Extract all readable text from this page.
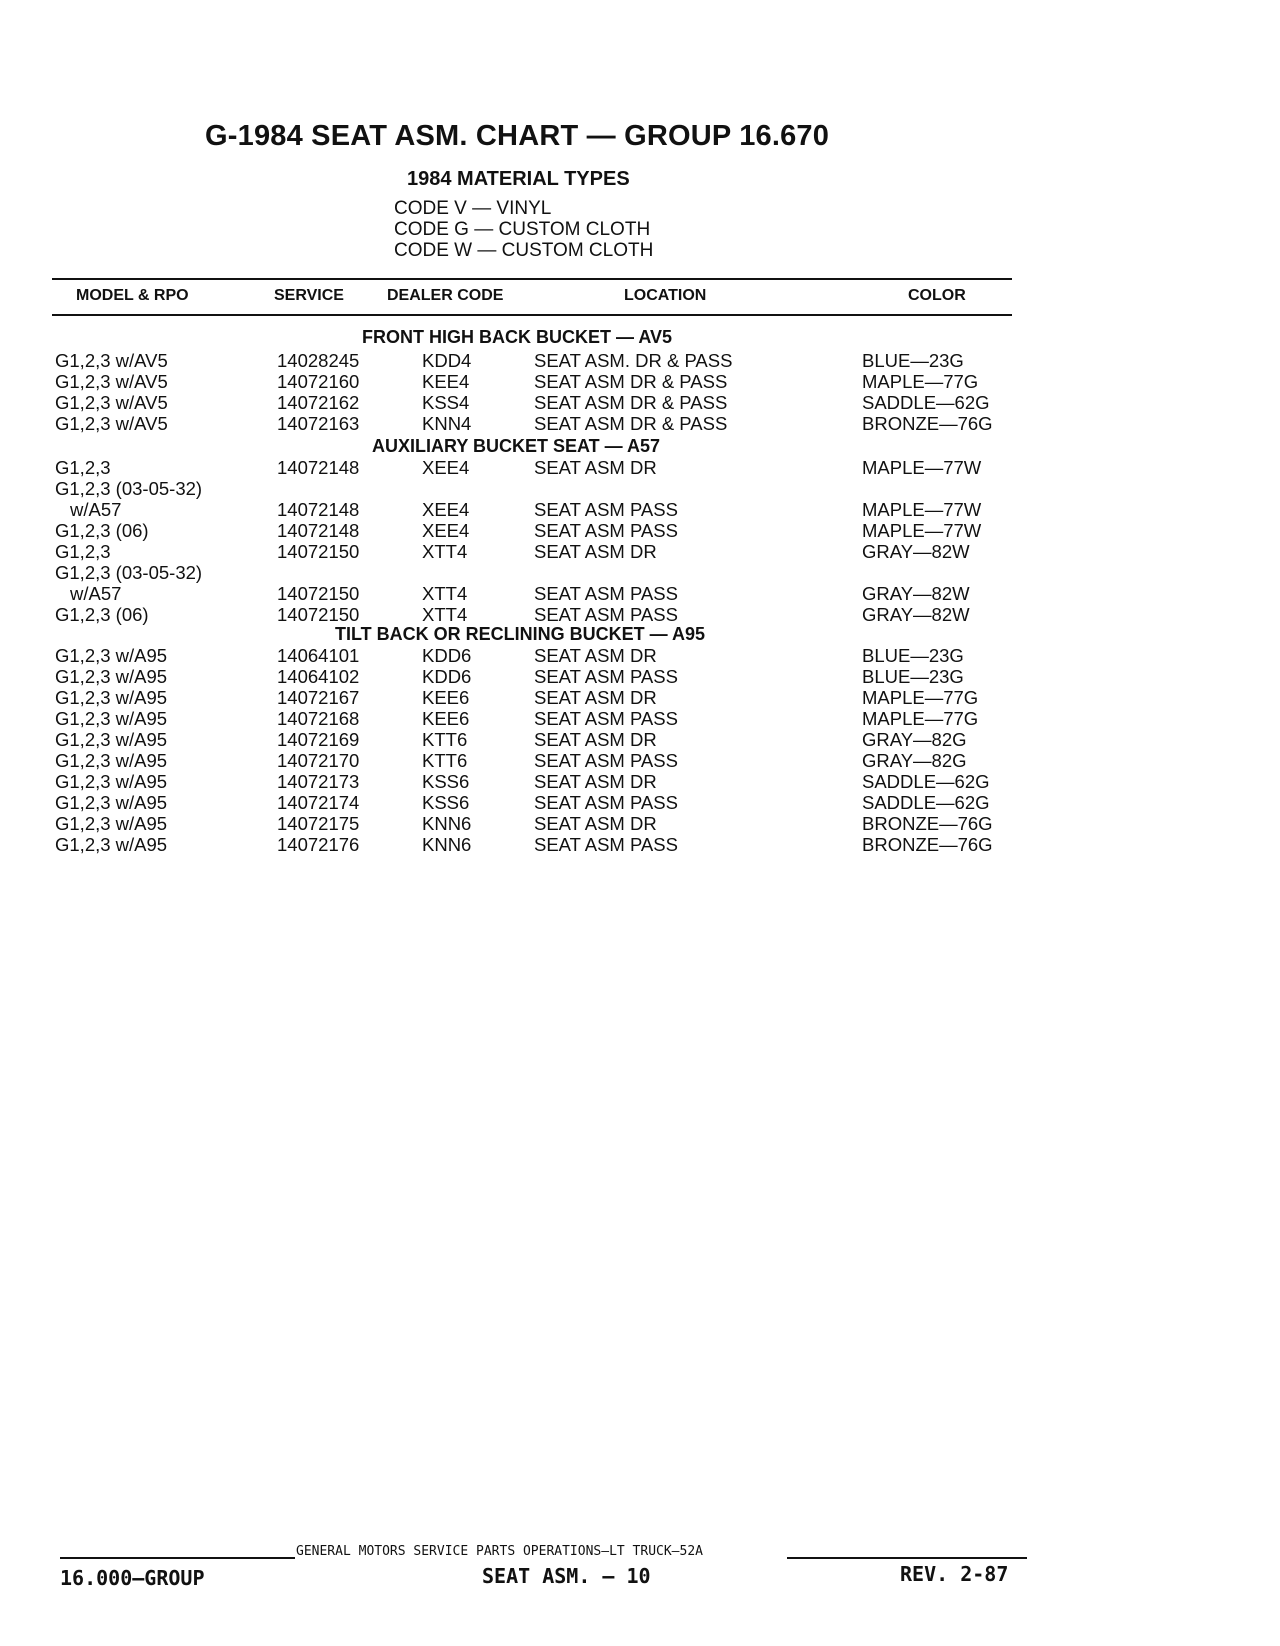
G-1984 SEAT ASM. CHART — GROUP 16.670
1984 MATERIAL TYPES
CODE V — VINYL
CODE G — CUSTOM CLOTH
CODE W — CUSTOM CLOTH
MODEL & RPO	SERVICE	DEALER CODE	LOCATION	COLOR
FRONT HIGH BACK BUCKET — AV5
AUXILIARY BUCKET SEAT — A57
TILT BACK OR RECLINING BUCKET — A95
G1,2,3 w/AV5	14028245	KDD4	SEAT ASM. DR & PASS	BLUE—23G
G1,2,3 w/AV5	14072160	KEE4	SEAT ASM DR & PASS	MAPLE—77G
G1,2,3 w/AV5	14072162	KSS4	SEAT ASM DR & PASS	SADDLE—62G
G1,2,3 w/AV5	14072163	KNN4	SEAT ASM DR & PASS	BRONZE—76G
G1,2,3	14072148	XEE4	SEAT ASM DR	MAPLE—77W
G1,2,3 (03-05-32)
w/A57	14072148	XEE4	SEAT ASM PASS	MAPLE—77W
G1,2,3 (06)	14072148	XEE4	SEAT ASM PASS	MAPLE—77W
G1,2,3	14072150	XTT4	SEAT ASM DR	GRAY—82W
G1,2,3 (03-05-32)
w/A57	14072150	XTT4	SEAT ASM PASS	GRAY—82W
G1,2,3 (06)	14072150	XTT4	SEAT ASM PASS	GRAY—82W
G1,2,3 w/A95	14064101	KDD6	SEAT ASM DR	BLUE—23G
G1,2,3 w/A95	14064102	KDD6	SEAT ASM PASS	BLUE—23G
G1,2,3 w/A95	14072167	KEE6	SEAT ASM DR	MAPLE—77G
G1,2,3 w/A95	14072168	KEE6	SEAT ASM PASS	MAPLE—77G
G1,2,3 w/A95	14072169	KTT6	SEAT ASM DR	GRAY—82G
G1,2,3 w/A95	14072170	KTT6	SEAT ASM PASS	GRAY—82G
G1,2,3 w/A95	14072173	KSS6	SEAT ASM DR	SADDLE—62G
G1,2,3 w/A95	14072174	KSS6	SEAT ASM PASS	SADDLE—62G
G1,2,3 w/A95	14072175	KNN6	SEAT ASM DR	BRONZE—76G
G1,2,3 w/A95	14072176	KNN6	SEAT ASM PASS	BRONZE—76G
GENERAL MOTORS SERVICE PARTS OPERATIONS—LT TRUCK—52A
16.000—GROUP	SEAT ASM. — 10	REV. 2-87
